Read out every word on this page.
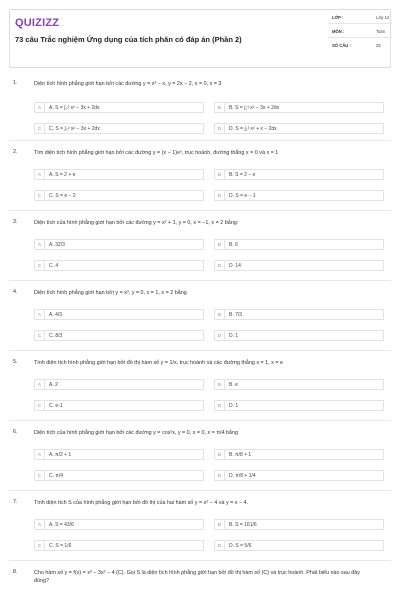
QUIZIZZ
73 câu Trắc nghiệm Ứng dụng của tích phân có đáp án (Phần 2)
LỚP :	Lớp 12
MÔN :	Toán
SỐ CÂU :	25
1.	Diện tích hình phẳng giới hạn bởi các đường y = x² − x, y = 2x − 2, x = 0, x = 3
A	A. S = ∫₀³ x² − 3x + 2dx	B	B. S = ∫₁³ x² − 3x + 2dx
C	C. S = ∫₀³ x² − 3x + 2dx	D	D. S = ∫₁³ x² + x − 2dx
2.	Tìm diện tích hình phẳng giới hạn bởi các đường y = (x − 1)eˣ, trục hoành, đường thẳng x = 0 và x = 1
A	A. S = 2 + e	B	B. S = 2 − e
C	C. S = e − 2	D	D. S = e − 1
3.	Diện tích của hình phẳng giới hạn bởi các đường y = x² + 1, y = 0, x = −1, x = 2 bằng:
A	A. 32/3	B	B. 6
C	C. 4	D	D. 14
4.	Diện tích hình phẳng giới hạn bởi y = x³, y = 0, x = 1, x = 2 bằng
A	A. 4/3	B	B. 7/3
C	C. 8/3	D	D. 1
5.	Tính diện tích hình phẳng giới hạn bởi đồ thị hàm số y = 1/x, trục hoành và các đường thẳng x = 1, x = e
A	A. 2	B	B. e
C	C. e-1	D	D. 1
6.	Diện tích của hình phẳng giới hạn bởi các đường y = cos²x, y = 0, x = 0, x = π/4 bằng
A	A. π/2 + 1	B	B. π/8 + 1
C	C. π/4	D	D. π/8 + 1/4
7.	Tính diện tích S của hình phẳng giới hạn bởi đồ thị của hai hàm số y = x² − 4 và y = x − 4.
A	A. S = 43/6	B	B. S = 161/6
C	C. S = 1/6	D	D. S = 5/6
8.	Cho hàm số y = f(x) = x³ − 3x² − 4 (C). Gọi S là diện tích hình phẳng giới hạn bởi đồ thị hàm số (C) và trục hoành. Phát biểu nào sau đây đúng?
